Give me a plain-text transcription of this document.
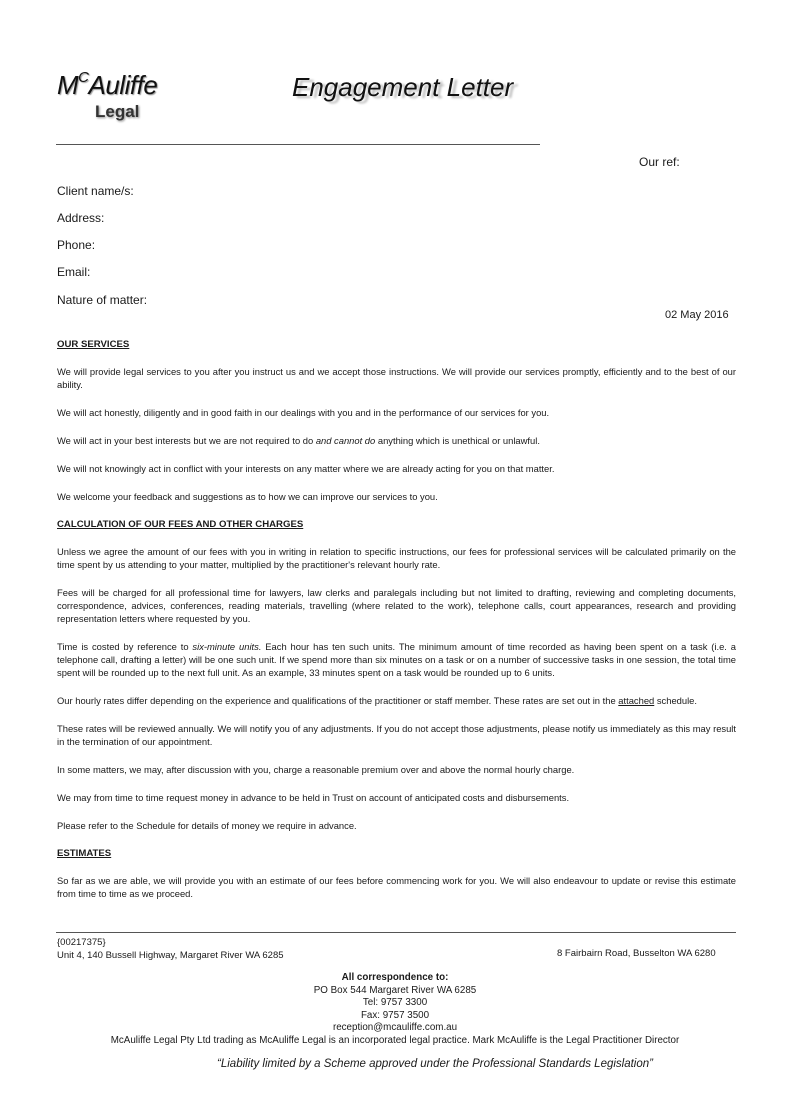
$M^CAuliffe$
Legal
Engagement Letter
Our ref:
Client name/s:
Address:
Phone:
Email:
Nature of matter:
02 May 2016
OUR SERVICES

We will provide legal services to you after you instruct us and we accept those instructions. We will provide our services promptly, efficiently and to the best of our ability.

We will act honestly, diligently and in good faith in our dealings with you and in the performance of our services for you.

We will act in your best interests but we are not required to do and cannot do anything which is unethical or unlawful.

We will not knowingly act in conflict with your interests on any matter where we are already acting for you on that matter.

We welcome your feedback and suggestions as to how we can improve our services to you.

CALCULATION OF OUR FEES AND OTHER CHARGES

Unless we agree the amount of our fees with you in writing in relation to specific instructions, our fees for professional services will be calculated primarily on the time spent by us attending to your matter, multiplied by the practitioner's relevant hourly rate.

Fees will be charged for all professional time for lawyers, law clerks and paralegals including but not limited to drafting, reviewing and completing documents, correspondence, advices, conferences, reading materials, travelling (where related to the work), telephone calls, court appearances, research and providing representation letters where requested by you.

Time is costed by reference to six-minute units. Each hour has ten such units. The minimum amount of time recorded as having been spent on a task (i.e. a telephone call, drafting a letter) will be one such unit. If we spend more than six minutes on a task or on a number of successive tasks in one session, the total time spent will be rounded up to the next full unit. As an example, 33 minutes spent on a task would be rounded up to 6 units.

Our hourly rates differ depending on the experience and qualifications of the practitioner or staff member. These rates are set out in the attached schedule.

These rates will be reviewed annually. We will notify you of any adjustments. If you do not accept those adjustments, please notify us immediately as this may result in the termination of our appointment.

In some matters, we may, after discussion with you, charge a reasonable premium over and above the normal hourly charge.

We may from time to time request money in advance to be held in Trust on account of anticipated costs and disbursements.

Please refer to the Schedule for details of money we require in advance.

ESTIMATES

So far as we are able, we will provide you with an estimate of our fees before commencing work for you. We will also endeavour to update or revise this estimate from time to time as we proceed.

{00217375}
Unit 4, 140 Bussell Highway, Margaret River WA 6285	8 Fairbairn Road, Busselton WA 6280
All correspondence to:
PO Box 544 Margaret River WA 6285
Tel: 9757 3300
Fax: 9757 3500
reception@mcauliffe.com.au
McAuliffe Legal Pty Ltd trading as McAuliffe Legal is an incorporated legal practice. Mark McAuliffe is the Legal Practitioner Director
“Liability limited by a Scheme approved under the Professional Standards Legislation”
